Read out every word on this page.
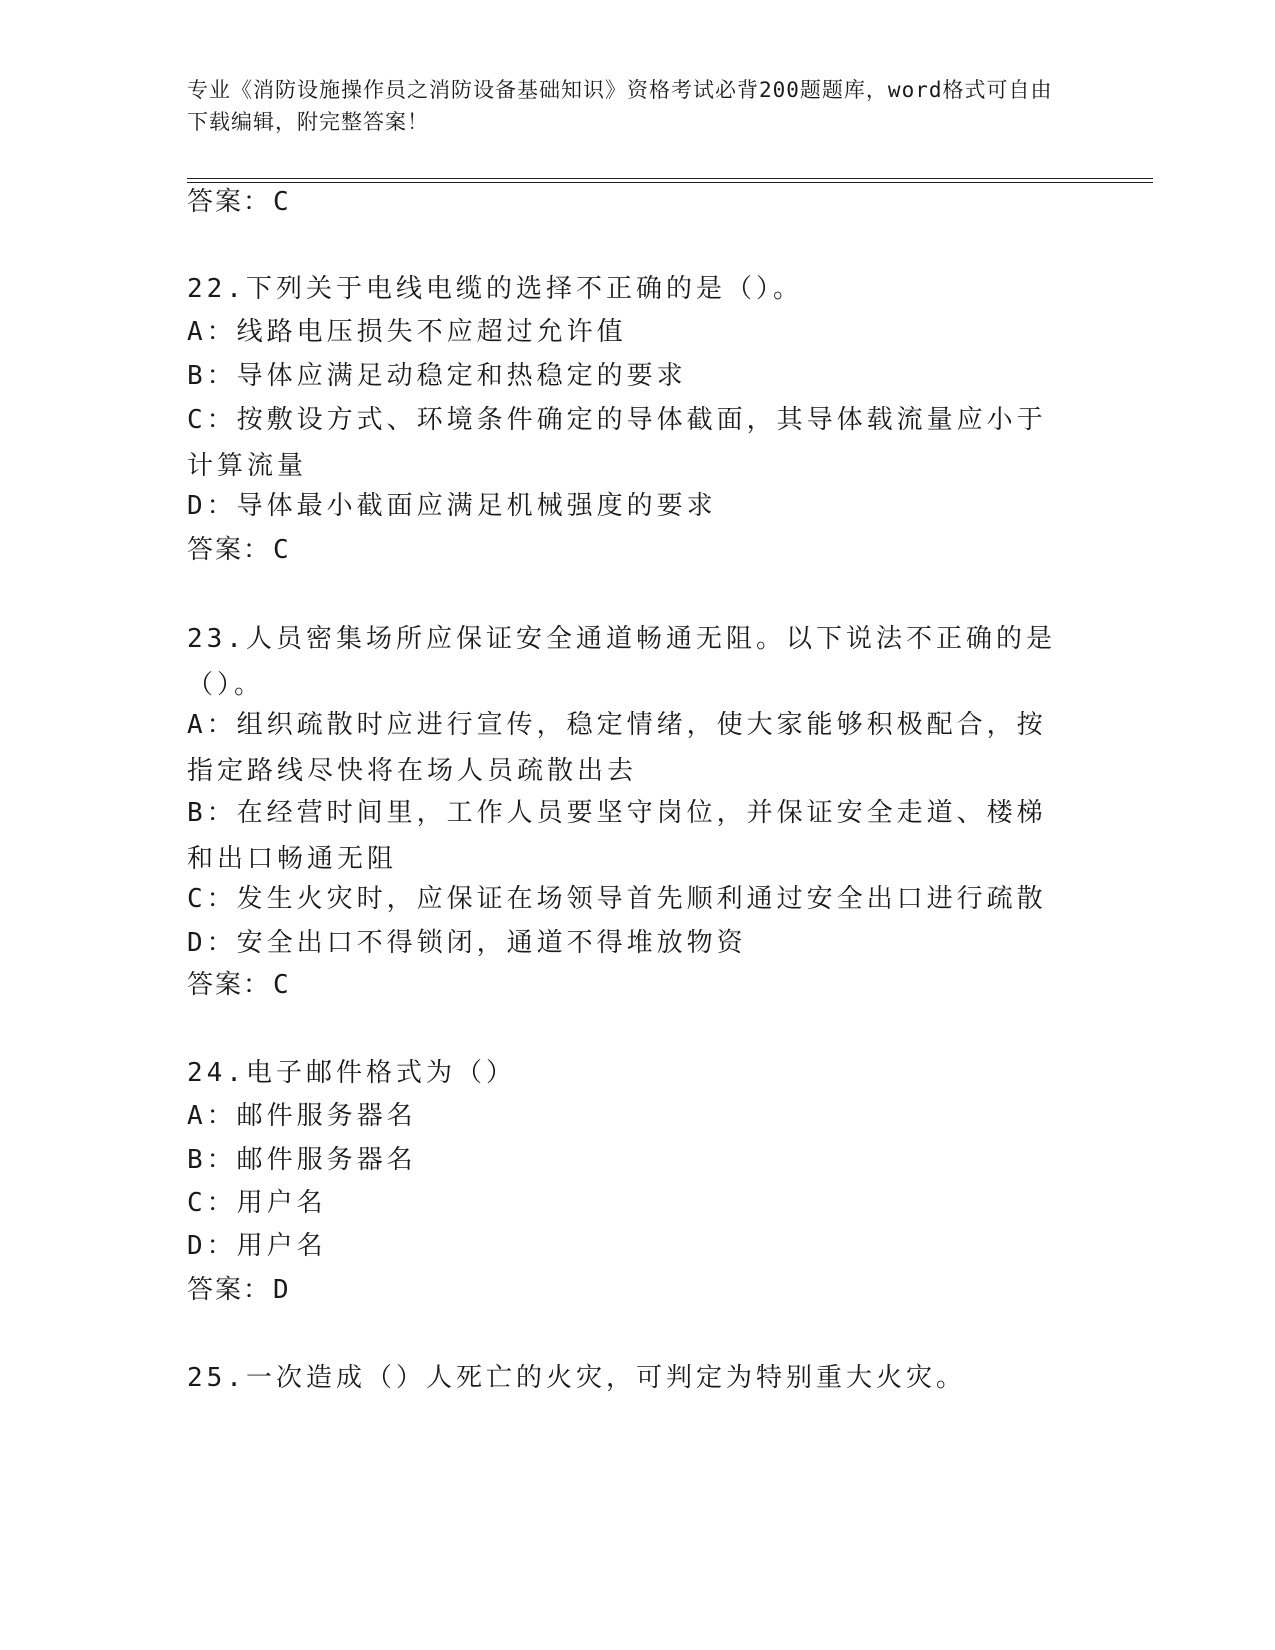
专业《消防设施操作员之消防设备基础知识》资格考试必背200题题库，word格式可自由下载编辑，附完整答案！
答案：C
22.下列关于电线电缆的选择不正确的是（）。
A：线路电压损失不应超过允许值
B：导体应满足动稳定和热稳定的要求
C：按敷设方式、环境条件确定的导体截面，其导体载流量应小于计算流量
D：导体最小截面应满足机械强度的要求
答案：C
23.人员密集场所应保证安全通道畅通无阻。以下说法不正确的是（）。
A：组织疏散时应进行宣传，稳定情绪，使大家能够积极配合，按指定路线尽快将在场人员疏散出去
B：在经营时间里，工作人员要坚守岗位，并保证安全走道、楼梯和出口畅通无阻
C：发生火灾时，应保证在场领导首先顺利通过安全出口进行疏散
D：安全出口不得锁闭，通道不得堆放物资
答案：C
24.电子邮件格式为（）
A：邮件服务器名
B：邮件服务器名
C：用户名
D：用户名
答案：D
25.一次造成（）人死亡的火灾，可判定为特别重大火灾。
